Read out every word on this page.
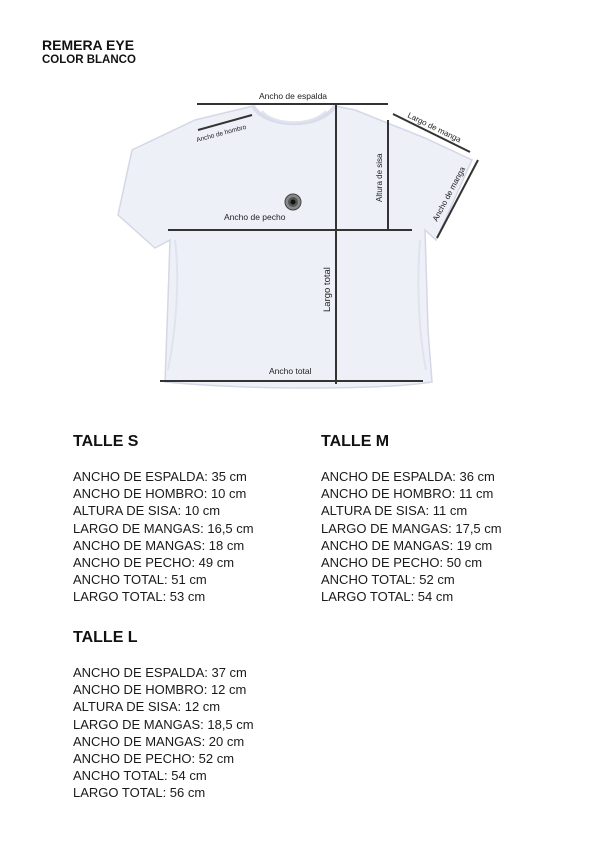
REMERA EYE
COLOR BLANCO
Ancho de espalda
Ancho de hombro	Largo de manga
Ancho de manga
Altura de sisa
Ancho de pecho
Largo total
Ancho total
TALLE S
ANCHO DE ESPALDA: 35 cm
ANCHO DE HOMBRO: 10 cm
ALTURA DE SISA: 10 cm
LARGO DE MANGAS: 16,5 cm
ANCHO DE MANGAS: 18 cm
ANCHO DE PECHO: 49 cm
ANCHO TOTAL: 51 cm
LARGO TOTAL: 53 cm
TALLE M
ANCHO DE ESPALDA: 36 cm
ANCHO DE HOMBRO: 11 cm
ALTURA DE SISA: 11 cm
LARGO DE MANGAS: 17,5 cm
ANCHO DE MANGAS: 19 cm
ANCHO DE PECHO: 50 cm
ANCHO TOTAL: 52 cm
LARGO TOTAL: 54 cm
TALLE L
ANCHO DE ESPALDA: 37 cm
ANCHO DE HOMBRO: 12 cm
ALTURA DE SISA: 12 cm
LARGO DE MANGAS: 18,5 cm
ANCHO DE MANGAS: 20 cm
ANCHO DE PECHO: 52 cm
ANCHO TOTAL: 54 cm
LARGO TOTAL: 56 cm
